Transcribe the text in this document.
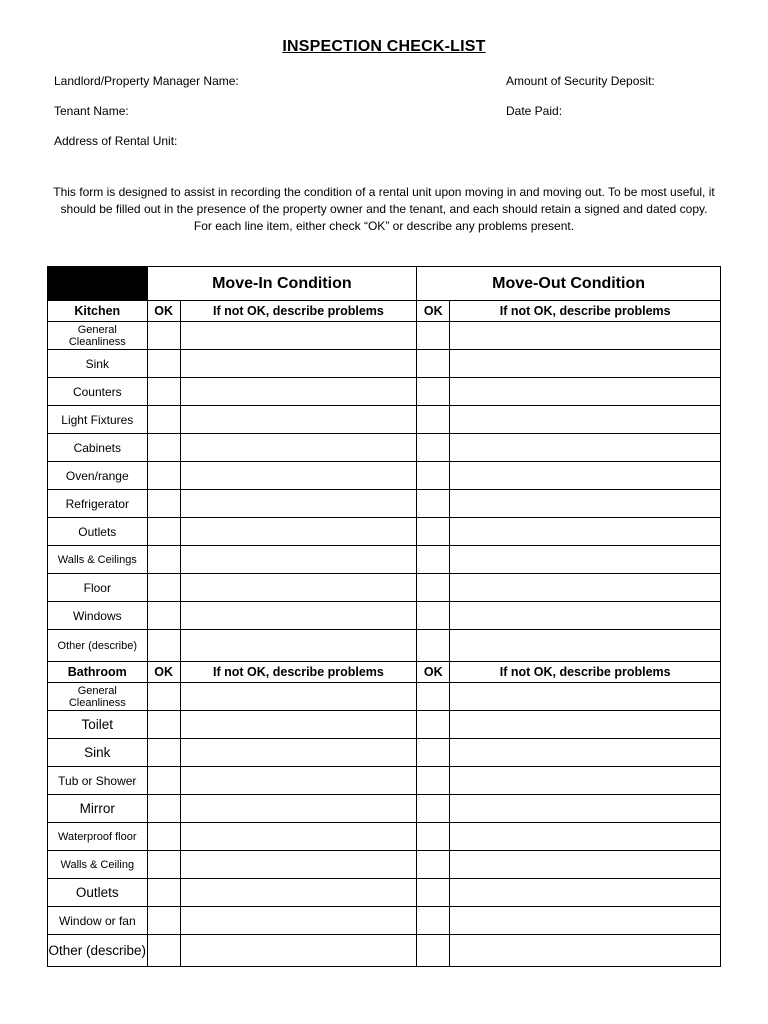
INSPECTION CHECK-LIST
Landlord/Property Manager Name:	Amount of Security Deposit:
Tenant Name:	Date Paid:
Address of Rental Unit:
This form is designed to assist in recording the condition of a rental unit upon moving in and moving out. To be most useful, it should be filled out in the presence of the property owner and the tenant, and each should retain a signed and dated copy.
For each line item, either check “OK” or describe any problems present.
	Move-In Condition		Move-Out Condition	
Kitchen	OK	If not OK, describe problems	OK	If not OK, describe problems
General Cleanliness				
Sink				
Counters				
Light Fixtures				
Cabinets				
Oven/range				
Refrigerator				
Outlets				
Walls & Ceilings				
Floor				
Windows				
Other (describe)				
Bathroom	OK	If not OK, describe problems	OK	If not OK, describe problems
General Cleanliness				
Toilet				
Sink				
Tub or Shower				
Mirror				
Waterproof floor				
Walls & Ceiling				
Outlets				
Window or fan				
Other (describe)				
